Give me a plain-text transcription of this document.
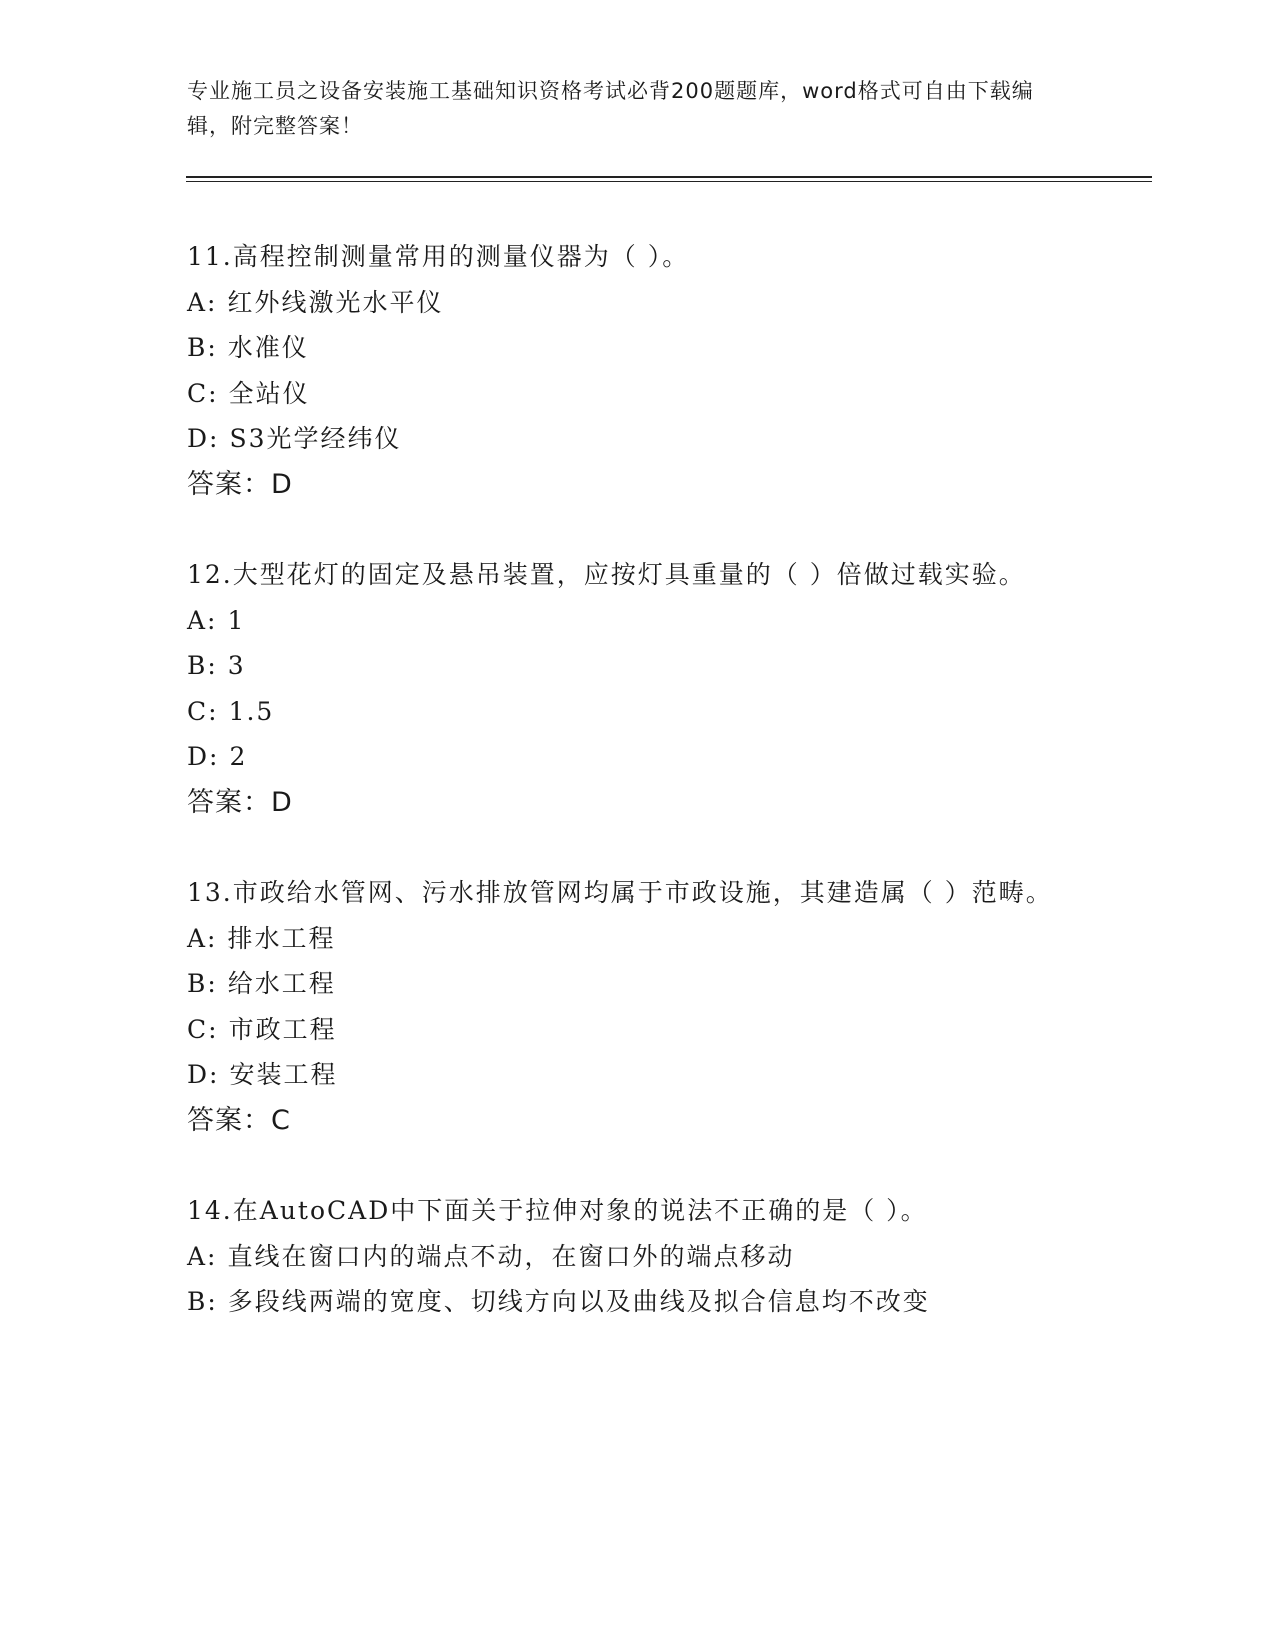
专业施工员之设备安装施工基础知识资格考试必背200题题库，word格式可自由下载编辑，附完整答案！
11.高程控制测量常用的测量仪器为（ ）。
A: 红外线激光水平仪
B: 水准仪
C: 全站仪
D: S3光学经纬仪
答案：D
12.大型花灯的固定及悬吊装置，应按灯具重量的（ ）倍做过载实验。
A: 1
B: 3
C: 1.5
D: 2
答案：D
13.市政给水管网、污水排放管网均属于市政设施，其建造属（ ）范畴。
A: 排水工程
B: 给水工程
C: 市政工程
D: 安装工程
答案：C
14.在AutoCAD中下面关于拉伸对象的说法不正确的是（ ）。
A: 直线在窗口内的端点不动，在窗口外的端点移动
B: 多段线两端的宽度、切线方向以及曲线及拟合信息均不改变
